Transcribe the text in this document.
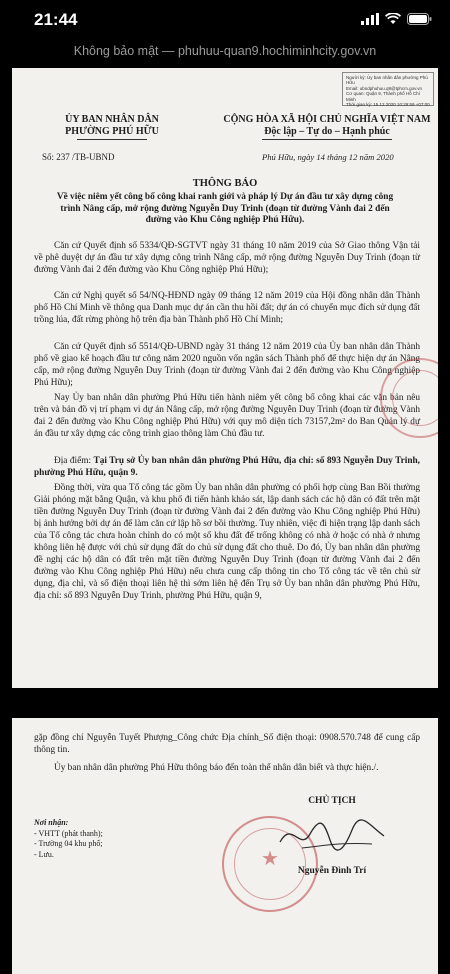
21:44
Không bảo mật — phuhuu-quan9.hochiminhcity.gov.vn
Người ký: Ủy ban nhân dân phường Phú Hữu
Email: ubndphuhuu.q9@tphcm.gov.vn
Cơ quan: Quận 9, Thành phố Hồ Chí Minh
Thời gian ký: 15.12.2020 10:29:59 +07:00
ỦY BAN NHÂN DÂN
PHƯỜNG PHÚ HỮU
CỘNG HÒA XÃ HỘI CHỦ NGHĨA VIỆT NAM
Độc lập – Tự do – Hạnh phúc
Số: 237 /TB-UBND	Phú Hữu, ngày 14 tháng 12 năm 2020
THÔNG BÁO
Về việc niêm yết công bố công khai ranh giới và pháp lý Dự án đầu tư xây dựng công trình Nâng cấp, mở rộng đường Nguyễn Duy Trinh (đoạn từ đường Vành đai 2 đến đường vào Khu Công nghiệp Phú Hữu).
Căn cứ Quyết định số 5334/QĐ-SGTVT ngày 31 tháng 10 năm 2019 của Sở Giao thông Vận tải về phê duyệt dự án đầu tư xây dựng công trình Nâng cấp, mở rộng đường Nguyễn Duy Trinh (đoạn từ đường Vành đai 2 đến đường vào Khu Công nghiệp Phú Hữu);
Căn cứ Nghị quyết số 54/NQ-HĐND ngày 09 tháng 12 năm 2019 của Hội đồng nhân dân Thành phố Hồ Chí Minh về thông qua Danh mục dự án cần thu hồi đất; dự án có chuyển mục đích sử dụng đất trồng lúa, đất rừng phòng hộ trên địa bàn Thành phố Hồ Chí Minh;
Căn cứ Quyết định số 5514/QĐ-UBND ngày 31 tháng 12 năm 2019 của Ủy ban nhân dân Thành phố về giao kế hoạch đầu tư công năm 2020 nguồn vốn ngân sách Thành phố để thực hiện dự án Nâng cấp, mở rộng đường Nguyễn Duy Trinh (đoạn từ đường Vành đai 2 đến đường vào Khu Công nghiệp Phú Hữu);
Nay Ủy ban nhân dân phường Phú Hữu tiến hành niêm yết công bố công khai các văn bản nêu trên và bản đồ vị trí phạm vi dự án Nâng cấp, mở rộng đường Nguyễn Duy Trinh (đoạn từ đường Vành đai 2 đến đường vào Khu Công nghiệp Phú Hữu) với quy mô diện tích 73157,2m² do Ban Quản lý dự án đầu tư xây dựng các công trình giao thông làm Chủ đầu tư.
Địa điểm: Tại Trụ sở Ủy ban nhân dân phường Phú Hữu, địa chỉ: số 893 Nguyễn Duy Trinh, phường Phú Hữu, quận 9.
Đồng thời, vừa qua Tổ công tác gồm Ủy ban nhân dân phường có phối hợp cùng Ban Bồi thường Giải phóng mặt bằng Quận, và khu phố đi tiến hành khảo sát, lập danh sách các hộ dân có đất trên mặt tiền đường Nguyễn Duy Trinh (đoạn từ đường Vành đai 2 đến đường vào Khu Công nghiệp Phú Hữu) bị ảnh hưởng bởi dự án để làm căn cứ lập hồ sơ bồi thường. Tuy nhiên, việc đi hiện trạng lập danh sách của Tổ công tác chưa hoàn chỉnh do có một số khu đất để trống không có nhà ở hoặc có nhà ở nhưng không liên hệ được với chủ sử dụng đất do chủ sử dụng đất cho thuê. Do đó, Ủy ban nhân dân phường đề nghị các hộ dân có đất trên mặt tiền đường Nguyễn Duy Trinh (đoạn từ đường Vành đai 2 đến đường vào Khu Công nghiệp Phú Hữu) nếu chưa cung cấp thông tin cho Tổ công tác về tên chủ sử dụng, địa chỉ, và số điện thoại liên hệ thì sớm liên hệ đến Trụ sở Ủy ban nhân dân phường Phú Hữu, địa chỉ: số 893 Nguyễn Duy Trinh, phường Phú Hữu, quận 9,
gặp đồng chí Nguyễn Tuyết Phượng_Công chức Địa chính_Số điện thoại: 0908.570.748 để cung cấp thông tin.
Ủy ban nhân dân phường Phú Hữu thông báo đến toàn thể nhân dân biết và thực hiện./.
Nơi nhận:
- VHTT (phát thanh);
- Trường 04 khu phố;
- Lưu.	★
CHỦ TỊCH
Nguyễn Đình Trí
